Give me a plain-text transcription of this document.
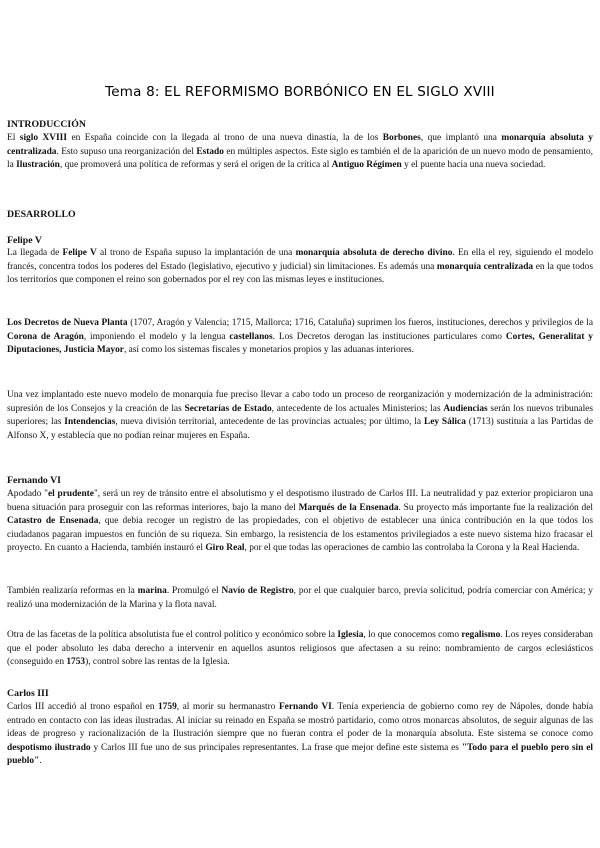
Tema 8: EL REFORMISMO BORBÓNICO EN EL SIGLO XVIII
INTRODUCCIÓN

El siglo XVIII en España coincide con la llegada al trono de una nueva dinastía, la de los Borbones, que implantó una monarquía absoluta y centralizada. Esto supuso una reorganización del Estado en múltiples aspectos. Este siglo es también el de la aparición de un nuevo modo de pensamiento, la Ilustración, que promoverá una política de reformas y será el origen de la crítica al Antiguo Régimen y el puente hacia una nueva sociedad.

DESARROLLO
Felipe V

La llegada de Felipe V al trono de España supuso la implantación de una monarquía absoluta de derecho divino. En ella el rey, siguiendo el modelo francés, concentra todos los poderes del Estado (legislativo, ejecutivo y judicial) sin limitaciones. Es además una monarquía centralizada en la que todos los territorios que componen el reino son gobernados por el rey con las mismas leyes e instituciones.

Los Decretos de Nueva Planta (1707, Aragón y Valencia; 1715, Mallorca; 1716, Cataluña) suprimen los fueros, instituciones, derechos y privilegios de la Corona de Aragón, imponiendo el modelo y la lengua castellanos. Los Decretos derogan las instituciones particulares como Cortes, Generalitat y Diputaciones, Justicia Mayor, así como los sistemas fiscales y monetarios propios y las aduanas interiores.

Una vez implantado este nuevo modelo de monarquía fue preciso llevar a cabo todo un proceso de reorganización y modernización de la administración: supresión de los Consejos y la creación de las Secretarías de Estado, antecedente de los actuales Ministerios; las Audiencias serán los nuevos tribunales superiores; las Intendencias, nueva división territorial, antecedente de las provincias actuales; por último, la Ley Sálica (1713) sustituía a las Partidas de Alfonso X, y establecía que no podían reinar mujeres en España.

Fernando VI

Apodado "el prudente", será un rey de tránsito entre el absolutismo y el despotismo ilustrado de Carlos III. La neutralidad y paz exterior propiciaron una buena situación para proseguir con las reformas interiores, bajo la mano del Marqués de la Ensenada. Su proyecto más importante fue la realización del Catastro de Ensenada, que debía recoger un registro de las propiedades, con el objetivo de establecer una única contribución en la que todos los ciudadanos pagaran impuestos en función de su riqueza. Sin embargo, la resistencia de los estamentos privilegiados a este nuevo sistema hizo fracasar el proyecto. En cuanto a Hacienda, también instauró el Giro Real, por el que todas las operaciones de cambio las controlaba la Corona y la Real Hacienda.

También realizaría reformas en la marina. Promulgó el Navío de Registro, por el que cualquier barco, previa solicitud, podría comerciar con América; y realizó una modernización de la Marina y la flota naval.

Otra de las facetas de la política absolutista fue el control político y económico sobre la Iglesia, lo que conocemos como regalismo. Los reyes consideraban que el poder absoluto les daba derecho a intervenir en aquellos asuntos religiosos que afectasen a su reino: nombramiento de cargos eclesiásticos (conseguido en 1753), control sobre las rentas de la Iglesia.

Carlos III

Carlos III accedió al trono español en 1759, al morir su hermanastro Fernando VI. Tenía experiencia de gobierno como rey de Nápoles, donde había entrado en contacto con las ideas ilustradas. Al iniciar su reinado en España se mostró partidario, como otros monarcas absolutos, de seguir algunas de las ideas de progreso y racionalización de la Ilustración siempre que no fueran contra el poder de la monarquía absoluta. Este sistema se conoce como despotismo ilustrado y Carlos III fue uno de sus principales representantes. La frase que mejor define este sistema es "Todo para el pueblo pero sin el pueblo".
